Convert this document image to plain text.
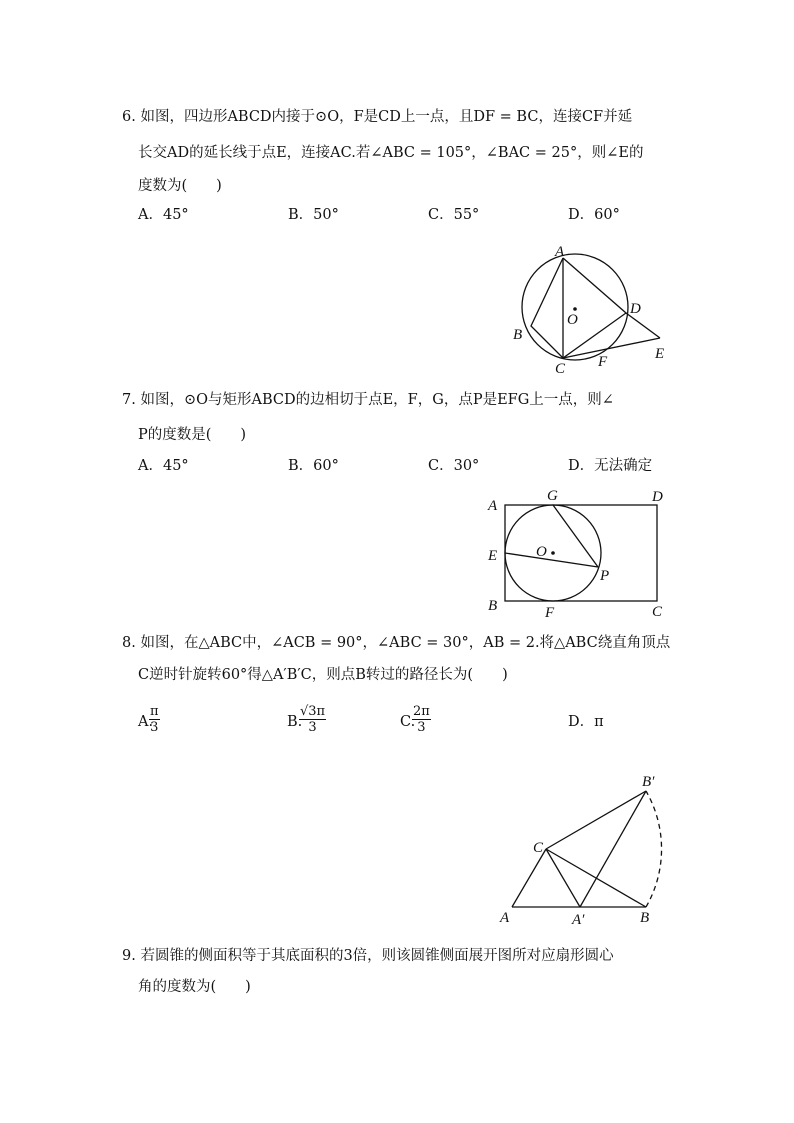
6. 如图，四边形ABCD内接于⊙O，F是CD上一点，且DF = BC，连接CF并延
长交AD的延长线于点E，连接AC.若∠ABC = 105°，∠BAC = 25°，则∠E的
度数为(　　)
A．45°	B．50°	C．55°	D．60°
A
B
C
D
E
F
O
7. 如图，⊙O与矩形ABCD的边相切于点E，F，G，点P是EFG上一点，则∠
P的度数是(　　)
A．45°	B．60°	C．30°	D．无法确定
A
B	C
D
E
F
G
O
P
8. 如图，在△ABC中，∠ACB = 90°，∠ABC = 30°，AB = 2.将△ABC绕直角顶点
C逆时针旋转60°得△A′B′C，则点B转过的路径长为(　　)
A.
$\frac{\pi}{3}$	B.
$\frac{√3\pi}{3}$	C.
$\frac{2\pi}{3}$	D．π
A	A′	B
B′
C
9. 若圆锥的侧面积等于其底面积的3倍，则该圆锥侧面展开图所对应扇形圆心
角的度数为(　　)
